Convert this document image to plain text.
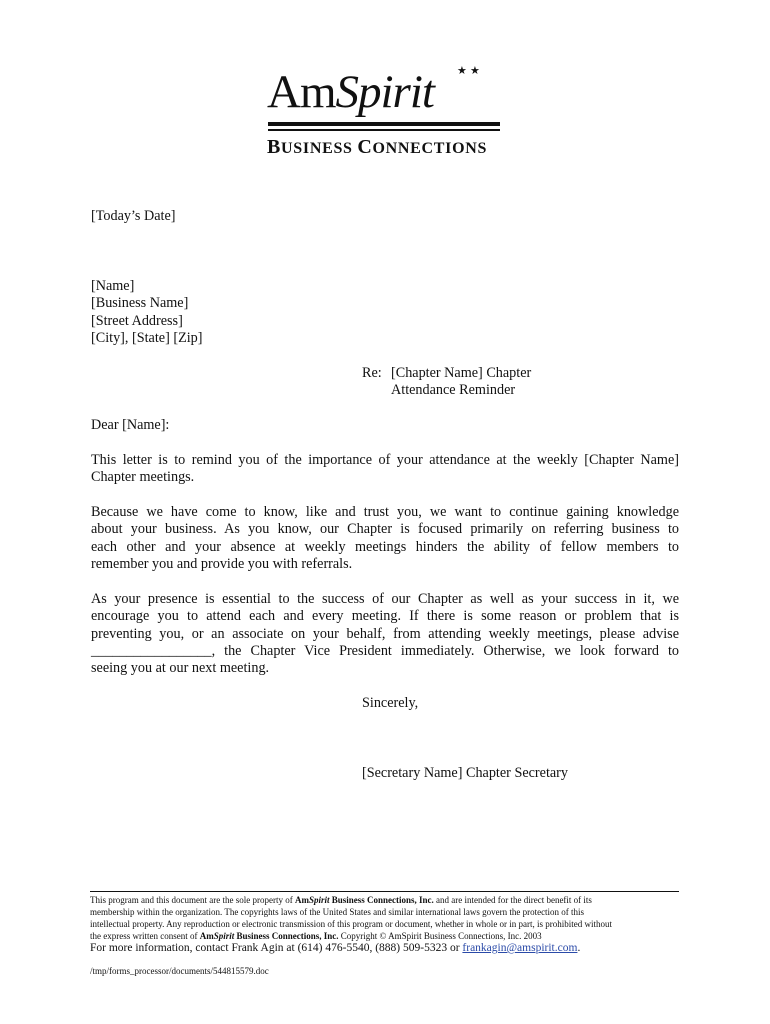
AmSpirit ★ ★
BUSINESS CONNECTIONS
[Today’s Date]
[Name]
[Business Name]
[Street Address]
[City], [State] [Zip]
Re: [Chapter Name] Chapter
Attendance Reminder
Dear [Name]:
This letter is to remind you of the importance of your attendance at the weekly [Chapter Name]
Chapter meetings.
Because we have come to know, like and trust you, we want to continue gaining knowledge
about your business. As you know, our Chapter is focused primarily on referring business to
each other and your absence at weekly meetings hinders the ability of fellow members to
remember you and provide you with referrals.
As your presence is essential to the success of our Chapter as well as your success in it, we
encourage you to attend each and every meeting. If there is some reason or problem that is
preventing you, or an associate on your behalf, from attending weekly meetings, please advise
_________________, the Chapter Vice President immediately. Otherwise, we look forward to
seeing you at our next meeting.
Sincerely,
[Secretary Name] Chapter Secretary
This program and this document are the sole property of AmSpirit Business Connections, Inc. and are intended for the direct benefit of its
membership within the organization. The copyrights laws of the United States and similar international laws govern the protection of this
intellectual property. Any reproduction or electronic transmission of this program or document, whether in whole or in part, is prohibited without
the express written consent of AmSpirit Business Connections, Inc. Copyright © AmSpirit Business Connections, Inc. 2003
For more information, contact Frank Agin at (614) 476-5540, (888) 509-5323 or frankagin@amspirit.com.
/tmp/forms_processor/documents/544815579.doc
